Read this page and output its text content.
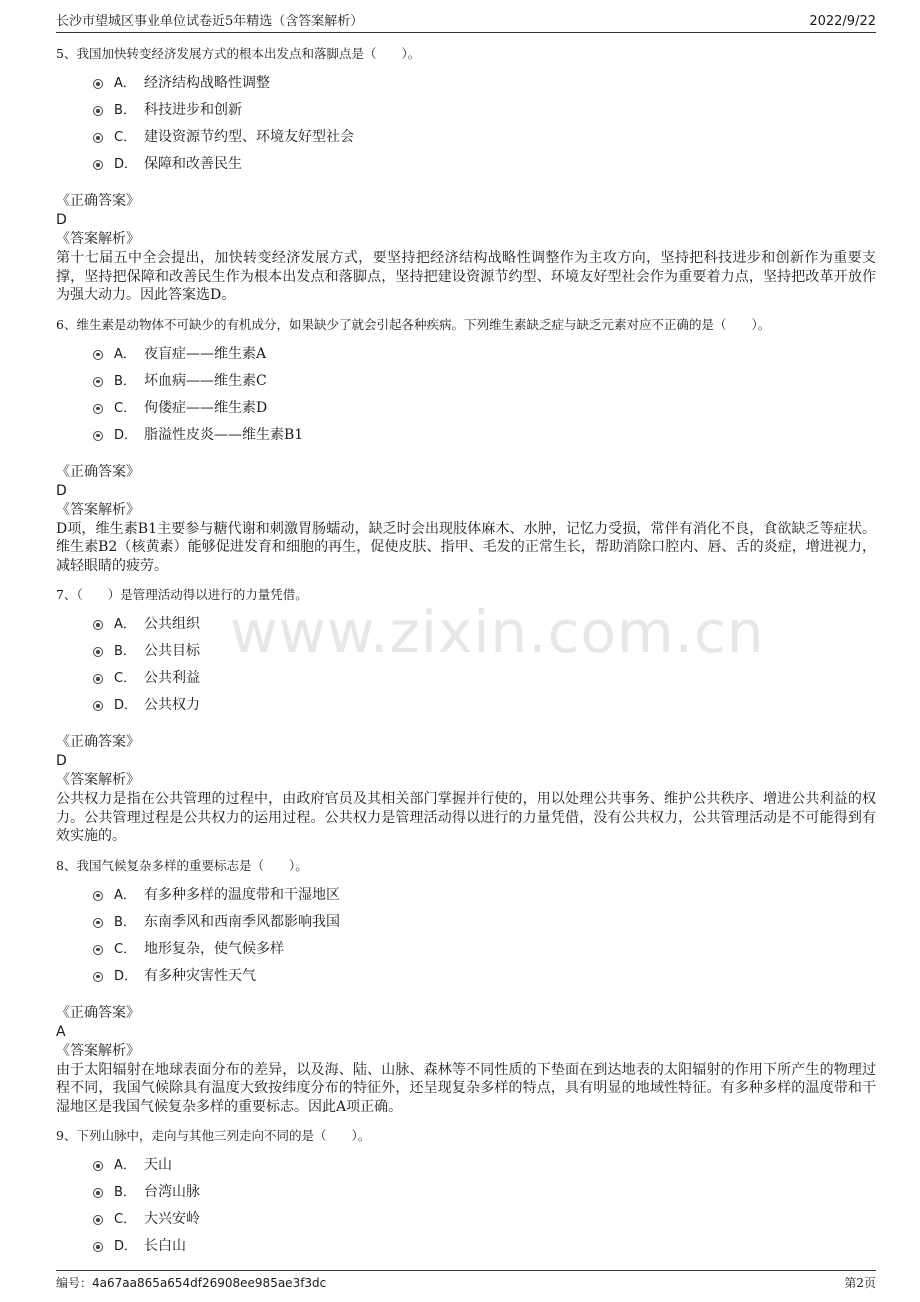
长沙市望城区事业单位试卷近5年精选（含答案解析）	2022/9/22
www.zixin.com.cn

5、我国加快转变经济发展方式的根本出发点和落脚点是（　　）。

A． 经济结构战略性调整
B． 科技进步和创新
C． 建设资源节约型、环境友好型社会
D． 保障和改善民生
《正确答案》
D
《答案解析》

第十七届五中全会提出，加快转变经济发展方式，要坚持把经济结构战略性调整作为主攻方向，坚持把科技进步和创新作为重要支撑，坚持把保障和改善民生作为根本出发点和落脚点，坚持把建设资源节约型、环境友好型社会作为重要着力点，坚持把改革开放作为强大动力。因此答案选D。

6、维生素是动物体不可缺少的有机成分，如果缺少了就会引起各种疾病。下列维生素缺乏症与缺乏元素对应不正确的是（　　）。

A． 夜盲症——维生素A
B． 坏血病——维生素C
C． 佝偻症——维生素D
D． 脂溢性皮炎——维生素B1
《正确答案》
D
《答案解析》

D项，维生素B1主要参与糖代谢和刺激胃肠蠕动，缺乏时会出现肢体麻木、水肿，记忆力受损，常伴有消化不良，食欲缺乏等症状。维生素B2（核黄素）能够促进发育和细胞的再生，促使皮肤、指甲、毛发的正常生长，帮助消除口腔内、唇、舌的炎症，增进视力，减轻眼睛的疲劳。

7、（　　）是管理活动得以进行的力量凭借。

A． 公共组织
B． 公共目标
C． 公共利益
D． 公共权力
《正确答案》
D
《答案解析》

公共权力是指在公共管理的过程中，由政府官员及其相关部门掌握并行使的，用以处理公共事务、维护公共秩序、增进公共利益的权力。公共管理过程是公共权力的运用过程。公共权力是管理活动得以进行的力量凭借，没有公共权力，公共管理活动是不可能得到有效实施的。

8、我国气候复杂多样的重要标志是（　　）。

A． 有多种多样的温度带和干湿地区
B． 东南季风和西南季风都影响我国
C． 地形复杂，使气候多样
D． 有多种灾害性天气
《正确答案》
A
《答案解析》

由于太阳辐射在地球表面分布的差异，以及海、陆、山脉、森林等不同性质的下垫面在到达地表的太阳辐射的作用下所产生的物理过程不同，我国气候除具有温度大致按纬度分布的特征外，还呈现复杂多样的特点，具有明显的地域性特征。有多种多样的温度带和干湿地区是我国气候复杂多样的重要标志。因此A项正确。

9、下列山脉中，走向与其他三列走向不同的是（　　）。

A． 天山
B． 台湾山脉
C． 大兴安岭
D． 长白山
编号：4a67aa865a654df26908ee985ae3f3dc	第2页
